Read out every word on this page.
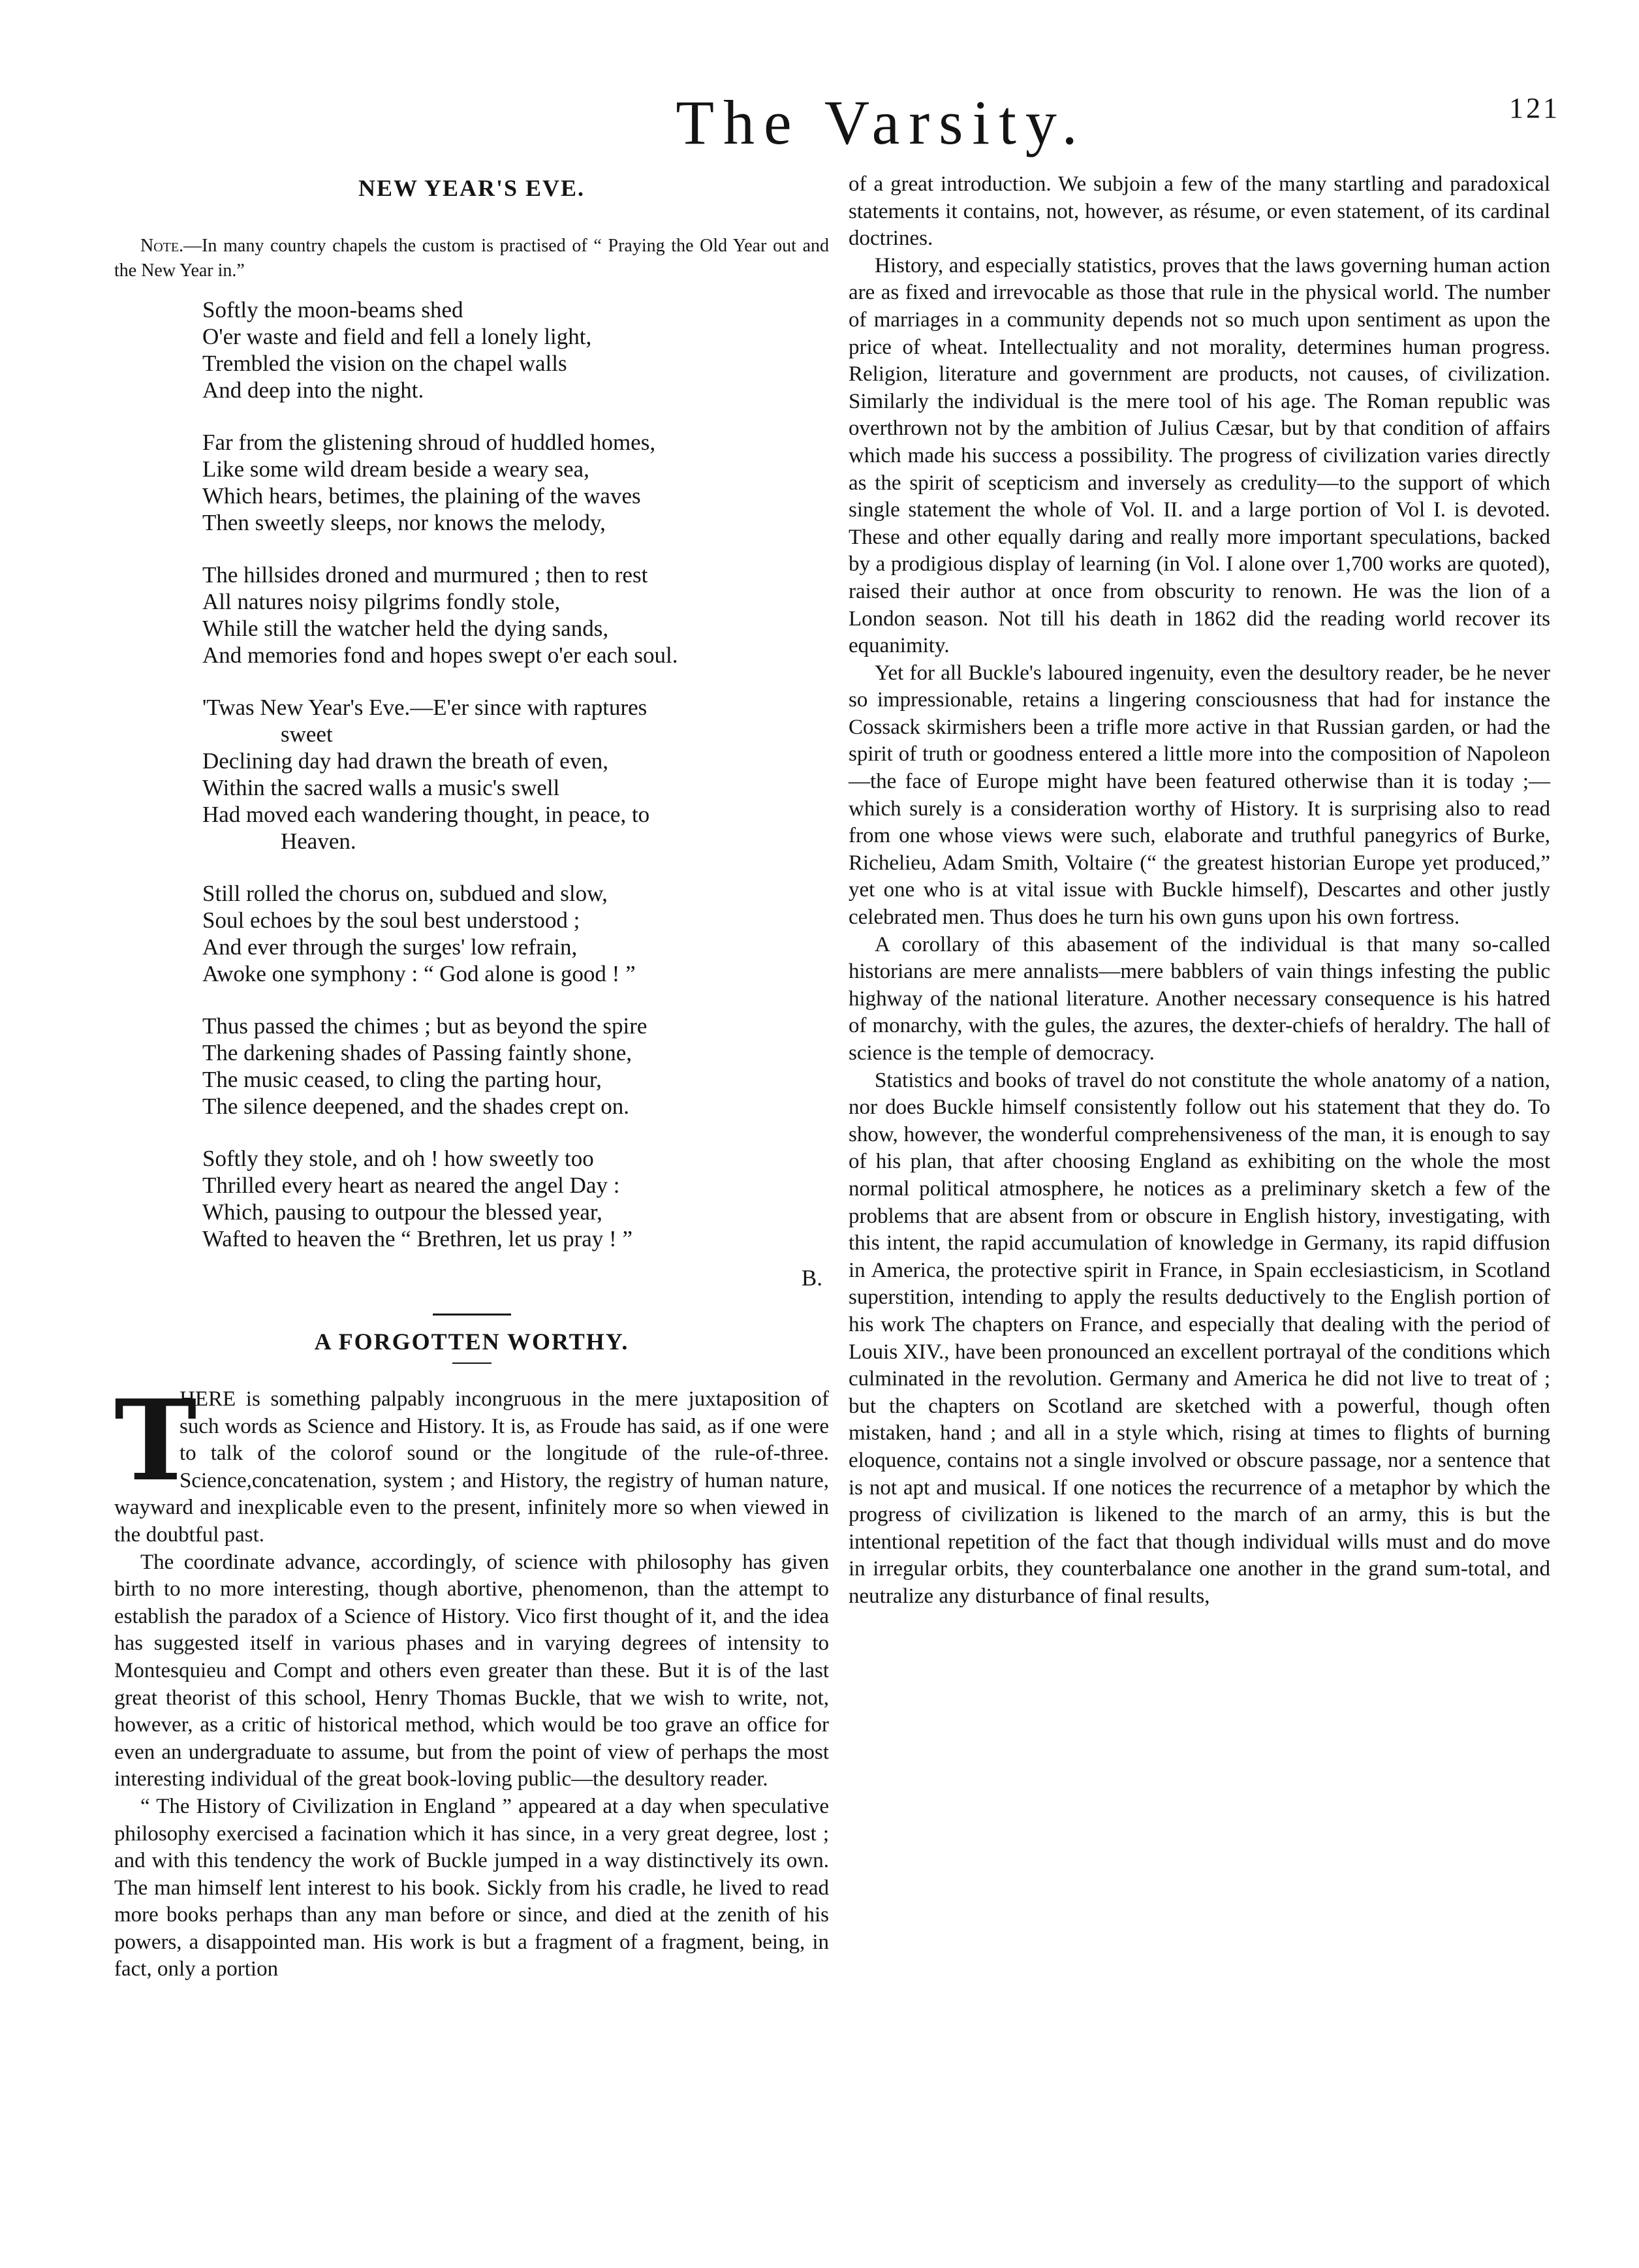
The Varsity.	121
NEW YEAR'S EVE.

Note.—In many country chapels the custom is practised of “ Praying the Old Year out and the New Year in.”

Softly the moon-beams shed
O'er waste and field and fell a lonely light,
Trembled the vision on the chapel walls
And deep into the night.
Far from the glistening shroud of huddled homes,
Like some wild dream beside a weary sea,
Which hears, betimes, the plaining of the waves
Then sweetly sleeps, nor knows the melody,
The hillsides droned and murmured ; then to rest
All natures noisy pilgrims fondly stole,
While still the watcher held the dying sands,
And memories fond and hopes swept o'er each soul.
'Twas New Year's Eve.—E'er since with raptures
sweet
Declining day had drawn the breath of even,
Within the sacred walls a music's swell
Had moved each wandering thought, in peace, to
Heaven.
Still rolled the chorus on, subdued and slow,
Soul echoes by the soul best understood ;
And ever through the surges' low refrain,
Awoke one symphony : “ God alone is good ! ”
Thus passed the chimes ; but as beyond the spire
The darkening shades of Passing faintly shone,
The music ceased, to cling the parting hour,
The silence deepened, and the shades crept on.
Softly they stole, and oh ! how sweetly too
Thrilled every heart as neared the angel Day :
Which, pausing to outpour the blessed year,
Wafted to heaven the “ Brethren, let us pray ! ”
B.
A FORGOTTEN WORTHY.
T

HERE is something palpably incongruous in the mere juxtaposition of such words as Science and History. It is, as Froude has said, as if one were to talk of the colorof sound or the longitude of the rule-of-three. Science,concatenation, system ; and History, the registry of human nature, wayward and inexplicable even to the present, infinitely more so when viewed in the doubtful past.

The coordinate advance, accordingly, of science with philosophy has given birth to no more interesting, though abortive, phenomenon, than the attempt to establish the paradox of a Science of History. Vico first thought of it, and the idea has suggested itself in various phases and in varying degrees of intensity to Montesquieu and Compt and others even greater than these. But it is of the last great theorist of this school, Henry Thomas Buckle, that we wish to write, not, however, as a critic of historical method, which would be too grave an office for even an undergraduate to assume, but from the point of view of perhaps the most interesting individual of the great book-loving public—the desultory reader.

“ The History of Civilization in England ” appeared at a day when speculative philosophy exercised a facination which it has since, in a very great degree, lost ; and with this tendency the work of Buckle jumped in a way distinctively its own. The man himself lent interest to his book. Sickly from his cradle, he lived to read more books perhaps than any man before or since, and died at the zenith of his powers, a disappointed man. His work is but a fragment of a fragment, being, in fact, only a portion

of a great introduction. We subjoin a few of the many startling and paradoxical statements it contains, not, however, as résume, or even statement, of its cardinal doctrines.

History, and especially statistics, proves that the laws governing human action are as fixed and irrevocable as those that rule in the physical world. The number of marriages in a community depends not so much upon sentiment as upon the price of wheat. Intellectuality and not morality, determines human progress. Religion, literature and government are products, not causes, of civilization. Similarly the individual is the mere tool of his age. The Roman republic was overthrown not by the ambition of Julius Cæsar, but by that condition of affairs which made his success a possibility. The progress of civilization varies directly as the spirit of scepticism and inversely as credulity—to the support of which single statement the whole of Vol. II. and a large portion of Vol I. is devoted. These and other equally daring and really more important speculations, backed by a prodigious display of learning (in Vol. I alone over 1,700 works are quoted), raised their author at once from obscurity to renown. He was the lion of a London season. Not till his death in 1862 did the reading world recover its equanimity.

Yet for all Buckle's laboured ingenuity, even the desultory reader, be he never so impressionable, retains a lingering consciousness that had for instance the Cossack skirmishers been a trifle more active in that Russian garden, or had the spirit of truth or goodness entered a little more into the composition of Napoleon—the face of Europe might have been featured otherwise than it is today ;—which surely is a consideration worthy of History. It is surprising also to read from one whose views were such, elaborate and truthful panegyrics of Burke, Richelieu, Adam Smith, Voltaire (“ the greatest historian Europe yet produced,” yet one who is at vital issue with Buckle himself), Descartes and other justly celebrated men. Thus does he turn his own guns upon his own fortress.

A corollary of this abasement of the individual is that many so-called historians are mere annalists—mere babblers of vain things infesting the public highway of the national literature. Another necessary consequence is his hatred of monarchy, with the gules, the azures, the dexter-chiefs of heraldry. The hall of science is the temple of democracy.

Statistics and books of travel do not constitute the whole anatomy of a nation, nor does Buckle himself consistently follow out his statement that they do. To show, however, the wonderful comprehensiveness of the man, it is enough to say of his plan, that after choosing England as exhibiting on the whole the most normal political atmosphere, he notices as a preliminary sketch a few of the problems that are absent from or obscure in English history, investigating, with this intent, the rapid accumulation of knowledge in Germany, its rapid diffusion in America, the protective spirit in France, in Spain ecclesiasticism, in Scotland superstition, intending to apply the results deductively to the English portion of his work The chapters on France, and especially that dealing with the period of Louis XIV., have been pronounced an excellent portrayal of the conditions which culminated in the revolution. Germany and America he did not live to treat of ; but the chapters on Scotland are sketched with a powerful, though often mistaken, hand ; and all in a style which, rising at times to flights of burning eloquence, contains not a single involved or obscure passage, nor a sentence that is not apt and musical. If one notices the recurrence of a metaphor by which the progress of civilization is likened to the march of an army, this is but the intentional repetition of the fact that though individual wills must and do move in irregular orbits, they counterbalance one another in the grand sum-total, and neutralize any disturbance of final results,
